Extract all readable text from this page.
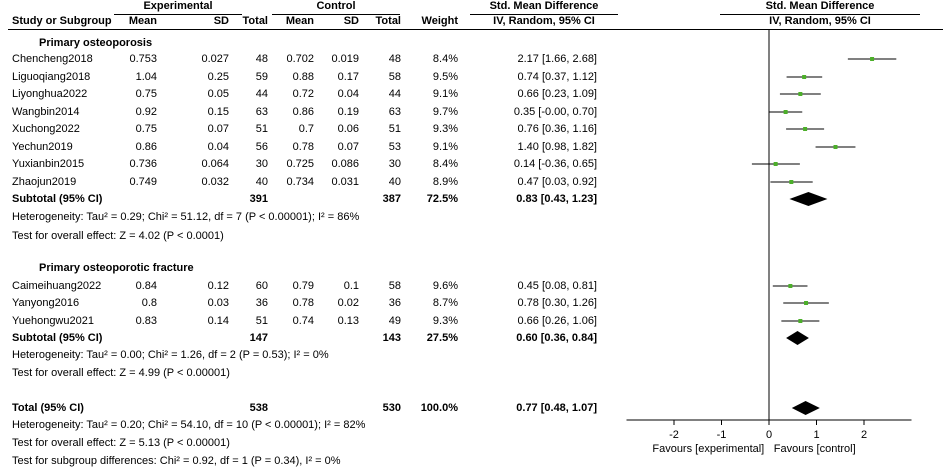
Experimental	Control	Std. Mean Difference	Std. Mean Difference
Study or Subgroup	Mean	SD	Total	Mean	SD	Total	Weight	IV, Random, 95% CI	IV, Random, 95% CI
Primary osteoporosis
Chencheng2018	0.753	0.027	48	0.702	0.019	48	8.4%	2.17 [1.66, 2.68]
Liguoqiang2018	1.04	0.25	59	0.88	0.17	58	9.5%	0.74 [0.37, 1.12]
Liyonghua2022	0.75	0.05	44	0.72	0.04	44	9.1%	0.66 [0.23, 1.09]
Wangbin2014	0.92	0.15	63	0.86	0.19	63	9.7%	0.35 [-0.00, 0.70]
Xuchong2022	0.75	0.07	51	0.7	0.06	51	9.3%	0.76 [0.36, 1.16]
Yechun2019	0.86	0.04	56	0.78	0.07	53	9.1%	1.40 [0.98, 1.82]
Yuxianbin2015	0.736	0.064	30	0.725	0.086	30	8.4%	0.14 [-0.36, 0.65]
Zhaojun2019	0.749	0.032	40	0.734	0.031	40	8.9%	0.47 [0.03, 0.92]
Subtotal (95% CI)	391	387	72.5%	0.83 [0.43, 1.23]
Heterogeneity: Tau² = 0.29; Chi² = 51.12, df = 7 (P < 0.00001); I² = 86%
Test for overall effect: Z = 4.02 (P < 0.0001)
Primary osteoporotic fracture
Caimeihuang2022	0.84	0.12	60	0.79	0.1	58	9.6%	0.45 [0.08, 0.81]
Yanyong2016	0.8	0.03	36	0.78	0.02	36	8.7%	0.78 [0.30, 1.26]
Yuehongwu2021	0.83	0.14	51	0.74	0.13	49	9.3%	0.66 [0.26, 1.06]
Subtotal (95% CI)	147	143	27.5%	0.60 [0.36, 0.84]
Heterogeneity: Tau² = 0.00; Chi² = 1.26, df = 2 (P = 0.53); I² = 0%
Test for overall effect: Z = 4.99 (P < 0.00001)
Total (95% CI)	538	530	100.0%	0.77 [0.48, 1.07]
Heterogeneity: Tau² = 0.20; Chi² = 54.10, df = 10 (P < 0.00001); I² = 82%
Test for overall effect: Z = 5.13 (P < 0.00001)
Test for subgroup differences: Chi² = 0.92, df = 1 (P = 0.34), I² = 0%
-2	-1	0	1	2
Favours [experimental] Favours [control]
